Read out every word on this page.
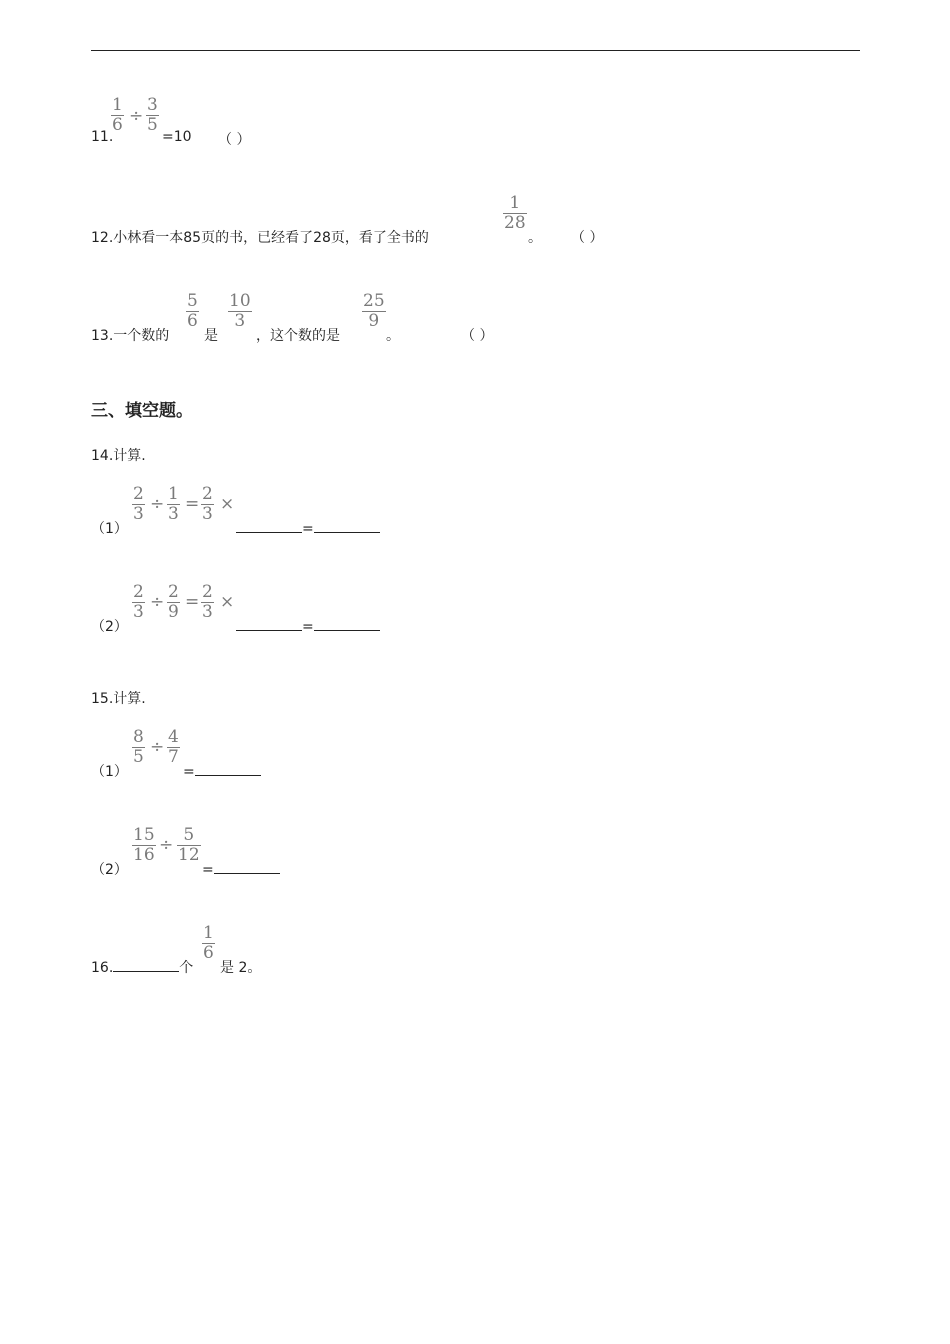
1
6 ÷
3
5
11.	=10 （ ）
12.小林看一本85页的书，已经看了28页，看了全书的
1
28
。 （ ）
13.一个数的
5
6
是
10
3
，这个数的是
25
9
。	（ ）
三、填空题。
14.计算.
（1）
2
3 ÷ 1
3 = 2
3 ×
=
（2）
2
3 ÷ 2
9 = 2
3 ×
=
15.计算.
（1）
8
5 ÷ 4
7
=
（2）
15
16 ÷ 5
12
=
16.	个
1
6
是 2。
